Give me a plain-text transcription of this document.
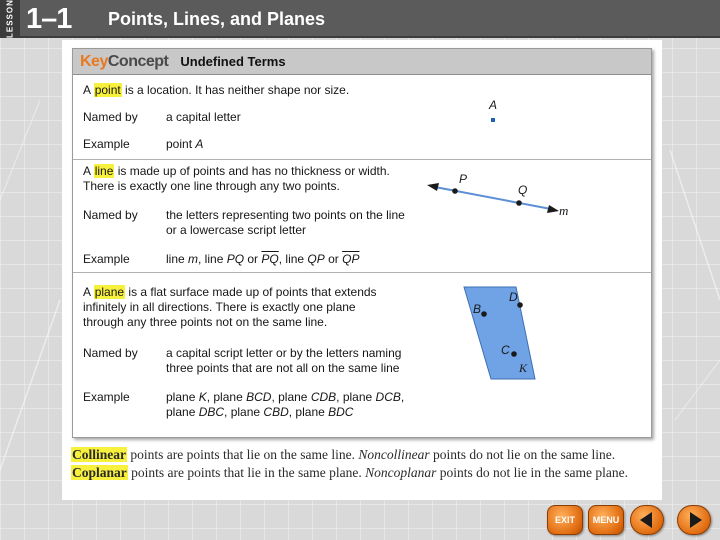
LESSON 1–1 Points, Lines, and Planes
Key Concept Undefined Terms
A point is a location. It has neither shape nor size.
Named by a capital letter
Example	point A
A line is made up of points and has no thickness or width.
There is exactly one line through any two points.
Named by the letters representing two points on the line
or a lowercase script letter
Example	line m, line PQ or $\overline{PQ}$, line QP or $\overline{QP}$
A plane is a flat surface made up of points that extends
infinitely in all directions. There is exactly one plane
through any three points not on the same line.
Named by a capital script letter or by the letters naming
three points that are not all on the same line
Example	plane K, plane BCD, plane CDB, plane DCB,
plane DBC, plane CBD, plane BDC
A
P
Q
m
B
D
C
K
Collinear points are points that lie on the same line. Noncollinear points do not lie on the same line. Coplanar points are points that lie in the same plane. Noncoplanar points do not lie in the same plane.
EXIT	MENU
